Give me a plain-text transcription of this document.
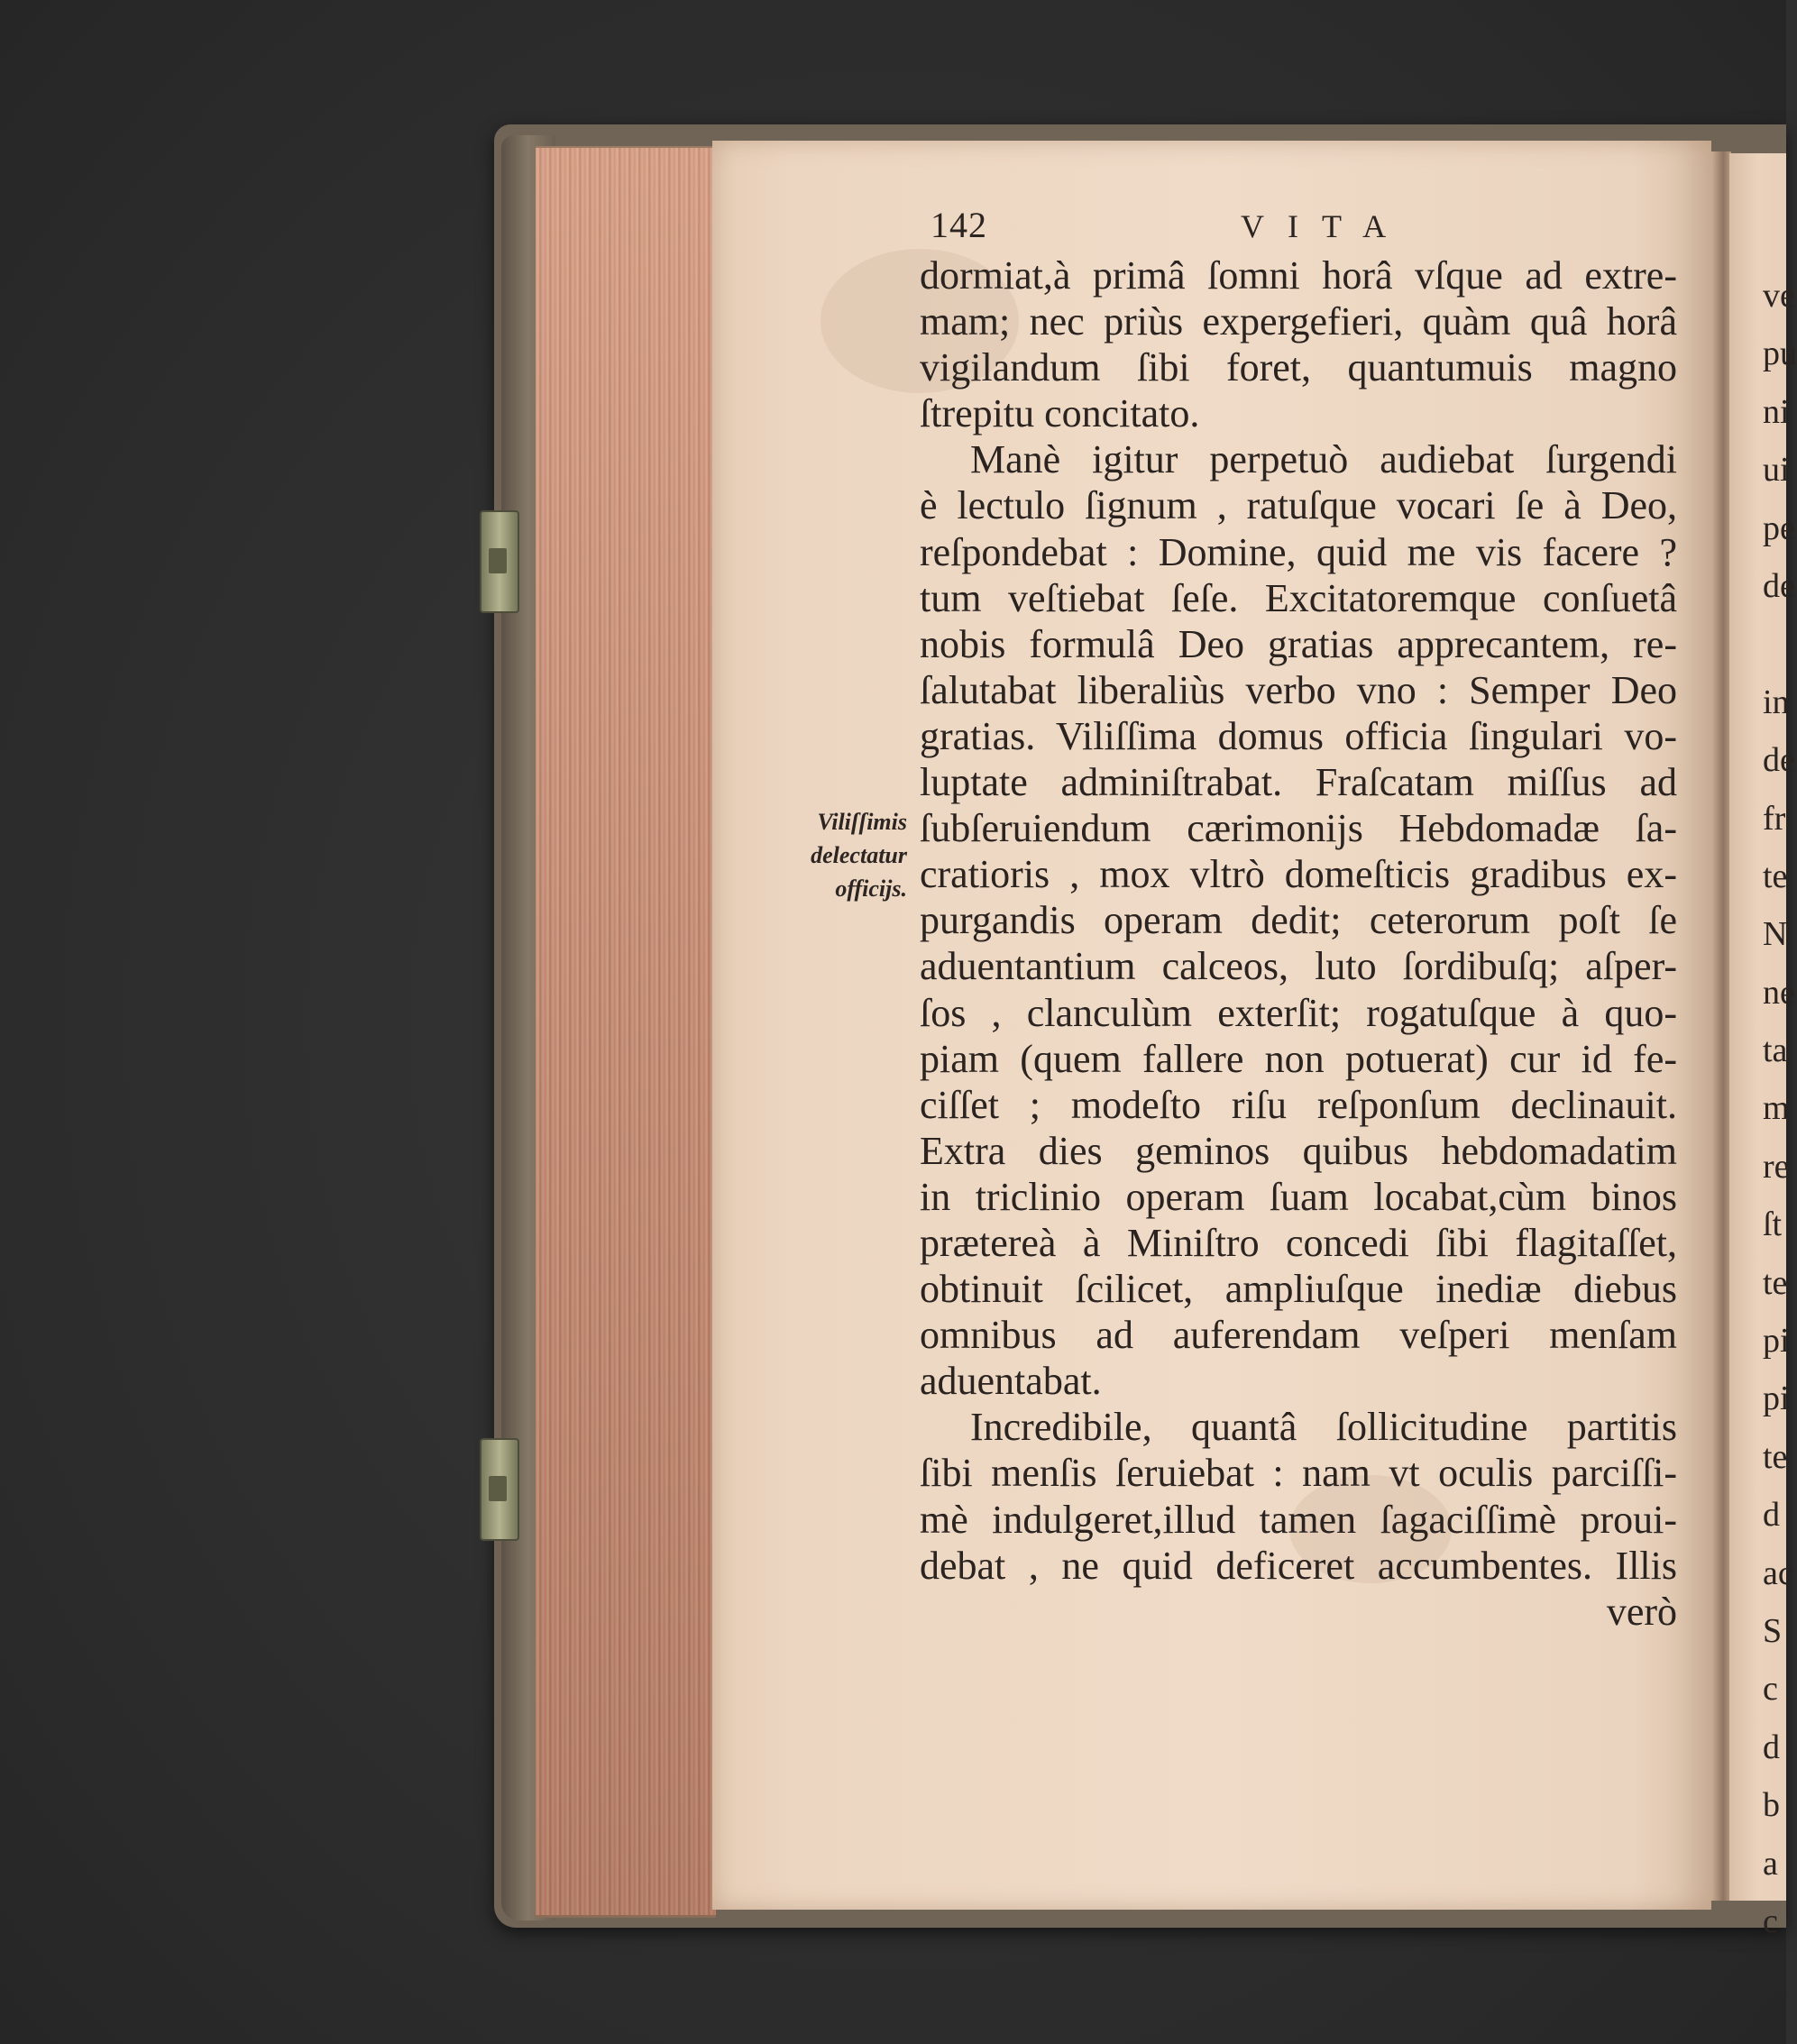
ve
pu
ni
ui
pe
de
in
de
fr
te
N
ne
ta
m
re
ſt
te
pi
pi
te
d
ac
S
c
d
b
a
c
142	VITA
Viliſſimis
delectatur
officijs.
dormiat,à primâ ſomni horâ vſque ad extre-
mam; nec priùs expergefieri, quàm quâ horâ
vigilandum ſibi foret, quantumuis magno
ſtrepitu concitato.
Manè igitur perpetuò audiebat ſurgendi
è lectulo ſignum , ratuſque vocari ſe à Deo,
reſpondebat : Domine, quid me vis facere ?
tum veſtiebat ſeſe. Excitatoremque conſuetâ
nobis formulâ Deo gratias apprecantem, re-
ſalutabat liberaliùs verbo vno : Semper Deo
gratias. Viliſſima domus officia ſingulari vo-
luptate adminiſtrabat. Fraſcatam miſſus ad
ſubſeruiendum cærimonijs Hebdomadæ ſa-
cratioris , mox vltrò domeſticis gradibus ex-
purgandis operam dedit; ceterorum poſt ſe
aduentantium calceos, luto ſordibuſq; aſper-
ſos , clanculùm exterſit; rogatuſque à quo-
piam (quem fallere non potuerat) cur id fe-
ciſſet ; modeſto riſu reſponſum declinauit.
Extra dies geminos quibus hebdomadatim
in triclinio operam ſuam locabat,cùm binos
prætereà à Miniſtro concedi ſibi flagitaſſet,
obtinuit ſcilicet, ampliuſque inediæ diebus
omnibus ad auferendam veſperi menſam
aduentabat.
Incredibile, quantâ ſollicitudine partitis
ſibi menſis ſeruiebat : nam vt oculis parciſſi-
mè indulgeret,illud tamen ſagaciſſimè proui-
debat , ne quid deficeret accumbentes. Illis
verò
